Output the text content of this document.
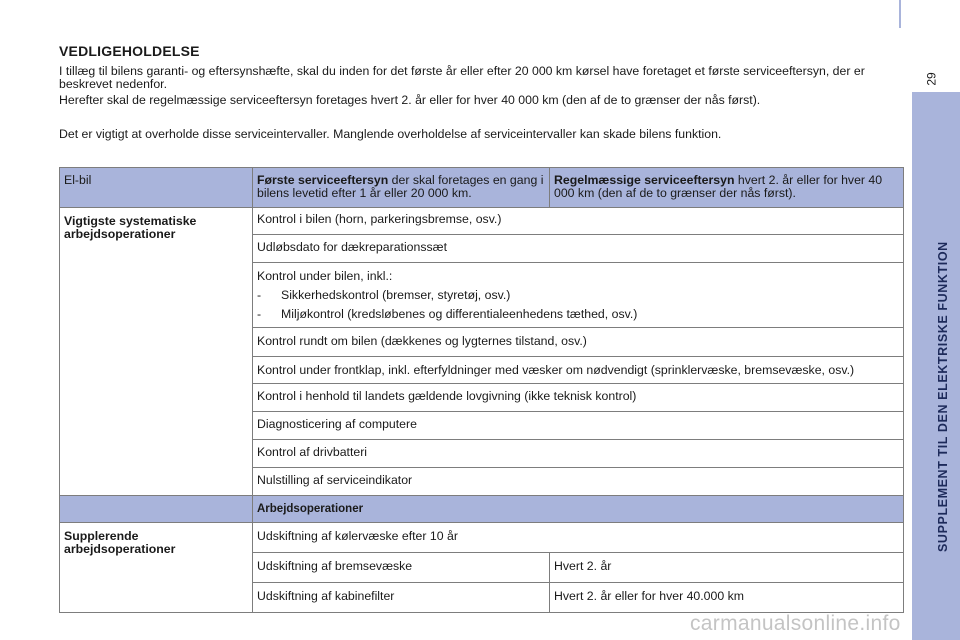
29
SUPPLEMENT TIL DEN ELEKTRISKE FUNKTION
VEDLIGEHOLDELSE
I tillæg til bilens garanti- og eftersynshæfte, skal du inden for det første år eller efter 20 000 km kørsel have foretaget et første serviceeftersyn, der er beskrevet nedenfor.
Herefter skal de regelmæssige serviceeftersyn foretages hvert 2. år eller for hver 40 000 km (den af de to grænser der nås først).
Det er vigtigt at overholde disse serviceintervaller. Manglende overholdelse af serviceintervaller kan skade bilens funktion.
El-bil	Første serviceeftersyn der skal foretages en gang i bilens levetid efter 1 år eller 20 000 km.	Regelmæssige serviceeftersyn hvert 2. år eller for hver 40 000 km (den af de to grænser der nås først).
Vigtigste systematiske arbejdsoperationer	Kontrol i bilen (horn, parkeringsbremse, osv.)	
	Udløbsdato for dækreparationssæt	
	Kontrol under bilen, inkl.:
- Sikkerhedskontrol (bremser, styretøj, osv.)
- Miljøkontrol (kredsløbenes og differentialeenhedens tæthed, osv.)	

	Kontrol rundt om bilen (dækkenes og lygternes tilstand, osv.)	
	Kontrol under frontklap, inkl. efterfyldninger med væsker om nødvendigt (sprinklervæske, bremsevæske, osv.)	
	Kontrol i henhold til landets gældende lovgivning (ikke teknisk kontrol)	
	Diagnosticering af computere	
	Kontrol af drivbatteri	
	Nulstilling af serviceindikator	
	Arbejdsoperationer	
Supplerende arbejdsoperationer	Udskiftning af kølervæske efter 10 år	
	Udskiftning af bremsevæske	Hvert 2. år
	Udskiftning af kabinefilter	Hvert 2. år eller for hver 40.000 km
carmanualsonline.info
